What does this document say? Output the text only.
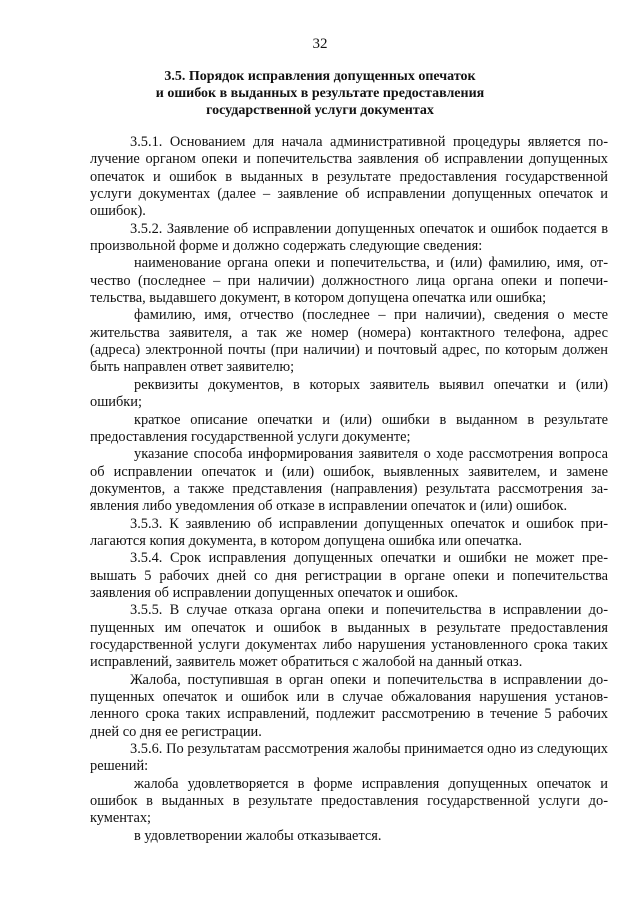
32
3.5. Порядок исправления допущенных опечаток
и ошибок в выданных в результате предоставления
государственной услуги документах

3.5.1. Основанием для начала административной процедуры является получение органом опеки и попечительства заявления об исправлении допущенных опечаток и ошибок в выданных в результате предоставления государственной услуги документах (далее – заявление об исправлении допущенных опечаток и ошибок).

3.5.2. Заявление об исправлении допущенных опечаток и ошибок подается в произвольной форме и должно содержать следующие сведения:

наименование органа опеки и попечительства, и (или) фамилию, имя, отчество (последнее – при наличии) должностного лица органа опеки и попечительства, выдавшего документ, в котором допущена опечатка или ошибка;

фамилию, имя, отчество (последнее – при наличии), сведения о месте жительства заявителя, а так же номер (номера) контактного телефона, адрес (адреса) электронной почты (при наличии) и почтовый адрес, по которым должен быть направлен ответ заявителю;

реквизиты документов, в которых заявитель выявил опечатки и (или) ошибки;

краткое описание опечатки и (или) ошибки в выданном в результате предоставления государственной услуги документе;

указание способа информирования заявителя о ходе рассмотрения вопроса об исправлении опечаток и (или) ошибок, выявленных заявителем, и замене документов, а также представления (направления) результата рассмотрения заявления либо уведомления об отказе в исправлении опечаток и (или) ошибок.

3.5.3. К заявлению об исправлении допущенных опечаток и ошибок прилагаются копия документа, в котором допущена ошибка или опечатка.

3.5.4. Срок исправления допущенных опечатки и ошибки не может превышать 5 рабочих дней со дня регистрации в органе опеки и попечительства заявления об исправлении допущенных опечаток и ошибок.

3.5.5. В случае отказа органа опеки и попечительства в исправлении допущенных им опечаток и ошибок в выданных в результате предоставления государственной услуги документах либо нарушения установленного срока таких исправлений, заявитель может обратиться с жалобой на данный отказ.

Жалоба, поступившая в орган опеки и попечительства в исправлении допущенных опечаток и ошибок или в случае обжалования нарушения установленного срока таких исправлений, подлежит рассмотрению в течение 5 рабочих дней со дня ее регистрации.

3.5.6. По результатам рассмотрения жалобы принимается одно из следующих решений:

жалоба удовлетворяется в форме исправления допущенных опечаток и ошибок в выданных в результате предоставления государственной услуги документах;

в удовлетворении жалобы отказывается.
